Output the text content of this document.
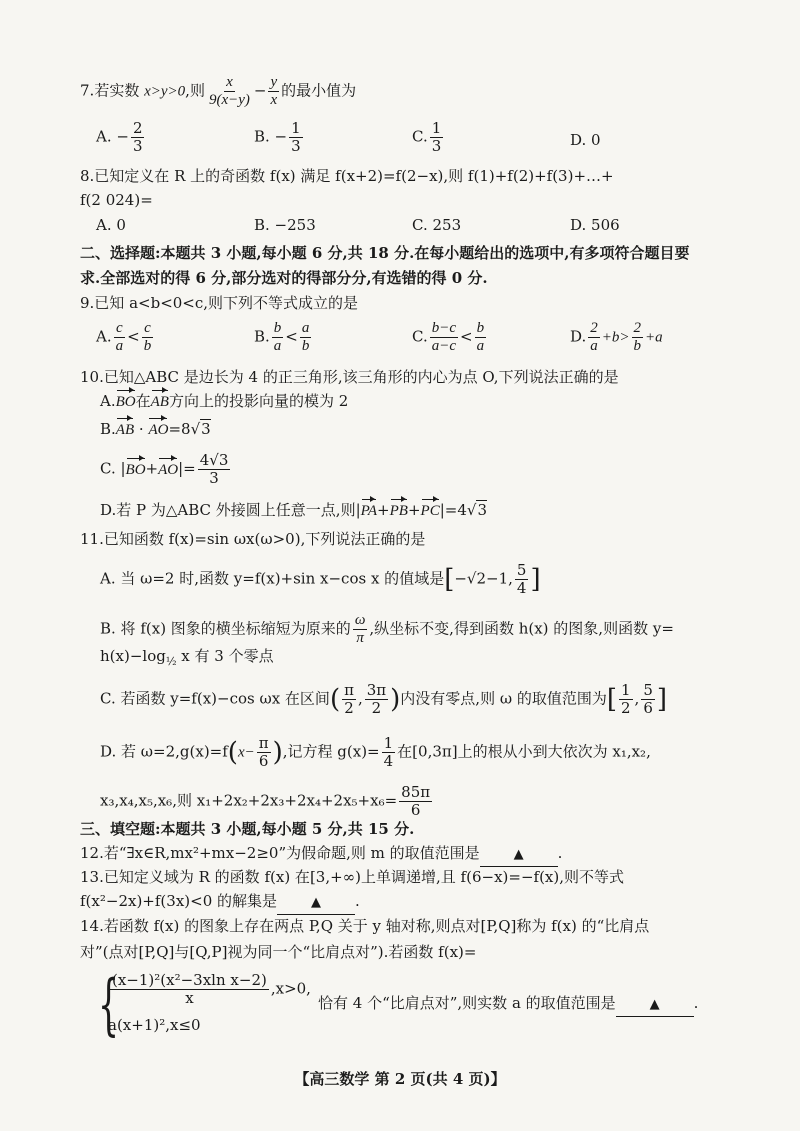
7.若实数 x>y>0,则 $\frac{x}{9(x-y)} - \frac{y}{x}$ 的最小值为
A. − $\frac{2}{3}$	B. − $\frac{1}{3}$	C. $\frac{1}{3}$	D. 0
8.已知定义在 R 上的奇函数 f(x) 满足 f(x+2)=f(2−x),则 f(1)+f(2)+f(3)+…+
f(2 024)=
A. 0	B. −253	C. 253	D. 506
二、选择题:本题共 3 小题,每小题 6 分,共 18 分.在每小题给出的选项中,有多项符合题目要
求.全部选对的得 6 分,部分选对的得部分分,有选错的得 0 分.
9.已知 a<b<0<c,则下列不等式成立的是
A. $\frac{c}{a} < \frac{c}{b}$	B. $\frac{b}{a} < \frac{a}{b}$	C. $\frac{b-c}{a-c} < \frac{b}{a}$	D. $\frac{2}{a} +b> \frac{2}{b} +a$
10.已知△ABC 是边长为 4 的正三角形,该三角形的内心为点 O,下列说法正确的是
A.BO在AB方向上的投影向量的模为 2
B.AB · AO=8√3
C. $|BO+AO|= \frac{4√3}{3}$
D.若 P 为△ABC 外接圆上任意一点,则|PA+PB+PC|=4√3
11.已知函数 f(x)=sin ωx(ω>0),下列说法正确的是
A. 当 ω=2 时,函数 y=f(x)+sin x−cos x 的值域是[−√2−1, $\frac{5}{4}$ ]
B. 将 f(x) 图象的横坐标缩短为原来的 $\frac{\omega}{\pi}$ ,纵坐标不变,得到函数 h(x) 的图象,则函数 y=
$h(x)-\log_{\frac{1}{2}}$ x 有 3 个零点
C. 若函数 y=f(x)−cos ωx 在区间( $\frac{\pi}{2}$ , $\frac{3\pi}{2}$ )内没有零点,则 ω 的取值范围为[ $\frac{1}{2}$ , $\frac{5}{6}$ ]
D. 若 $\omega=2,g(x)=f(x- \frac{\pi}{6}$ ),记方程 $g(x)= \frac{1}{4}$ 在[0,3π]上的根从小到大依次为 x₁,x₂,
x₃,x₄,x₅,x₆,则 $x_1+2x_2+2x_3+2x_4+2x_5+x_6= \frac{85\pi}{6}$
三、填空题:本题共 3 小题,每小题 5 分,共 15 分.
12.若“∃x∈R,mx²+mx−2≥0”为假命题,则 m 的取值范围是	▲ .
13.已知定义域为 R 的函数 f(x) 在[3,+∞)上单调递增,且 f(6−x)=−f(x),则不等式
f(x²−2x)+f(3x)<0 的解集是	▲ .
14.若函数 f(x) 的图象上存在两点 P,Q 关于 y 轴对称,则点对[P,Q]称为 f(x) 的“比肩点
对”(点对[P,Q]与[Q,P]视为同一个“比肩点对”).若函数 f(x)=
{
$\frac{\text{(x−1)²(x²−3xln x−2)}}{x} ,x>0$,
a(x+1)²,x≤0
恰有 4 个“比肩点对”,则实数 a 的取值范围是	▲ .
【高三数学 第 2 页(共 4 页)】
